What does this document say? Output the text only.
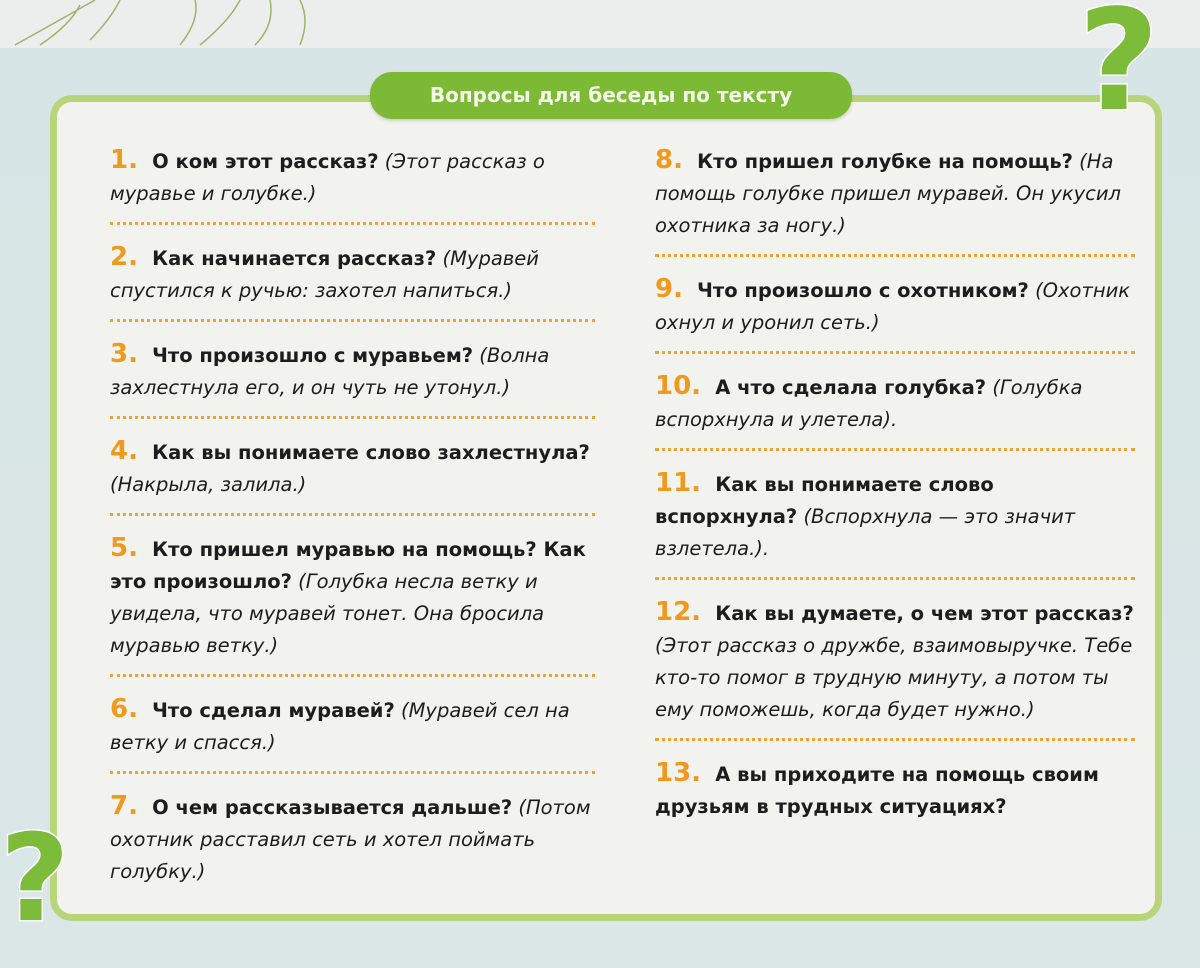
Вопросы для беседы по тексту	?
?
1. О ком этот рассказ? (Этот рассказ о муравье и голубке.)
2. Как начинается рассказ? (Муравей спустился к ручью: захотел напиться.)
3. Что произошло с муравьем? (Волна захлестнула его, и он чуть не утонул.)
4. Как вы понимаете слово захлестнула? (Накрыла, залила.)
5. Кто пришел муравью на помощь? Как это произошло? (Голубка несла ветку и увидела, что муравей тонет. Она бросила муравью ветку.)
6. Что сделал муравей? (Муравей сел на ветку и спасся.)
7. О чем рассказывается дальше? (Потом охотник расставил сеть и хотел поймать голубку.)
8. Кто пришел голубке на помощь? (На помощь голубке пришел муравей. Он укусил охотника за ногу.)
9. Что произошло с охотником? (Охотник охнул и уронил сеть.)
10. А что сделала голубка? (Голубка вспорхнула и улетела).
11. Как вы понимаете слово вспорхнула? (Вспорхнула — это значит взлетела.).
12. Как вы думаете, о чем этот рассказ? (Этот рассказ о дружбе, взаимовыручке. Тебе кто-то помог в трудную минуту, а потом ты ему поможешь, когда будет нужно.)
13. А вы приходите на помощь своим друзьям в трудных ситуациях?
